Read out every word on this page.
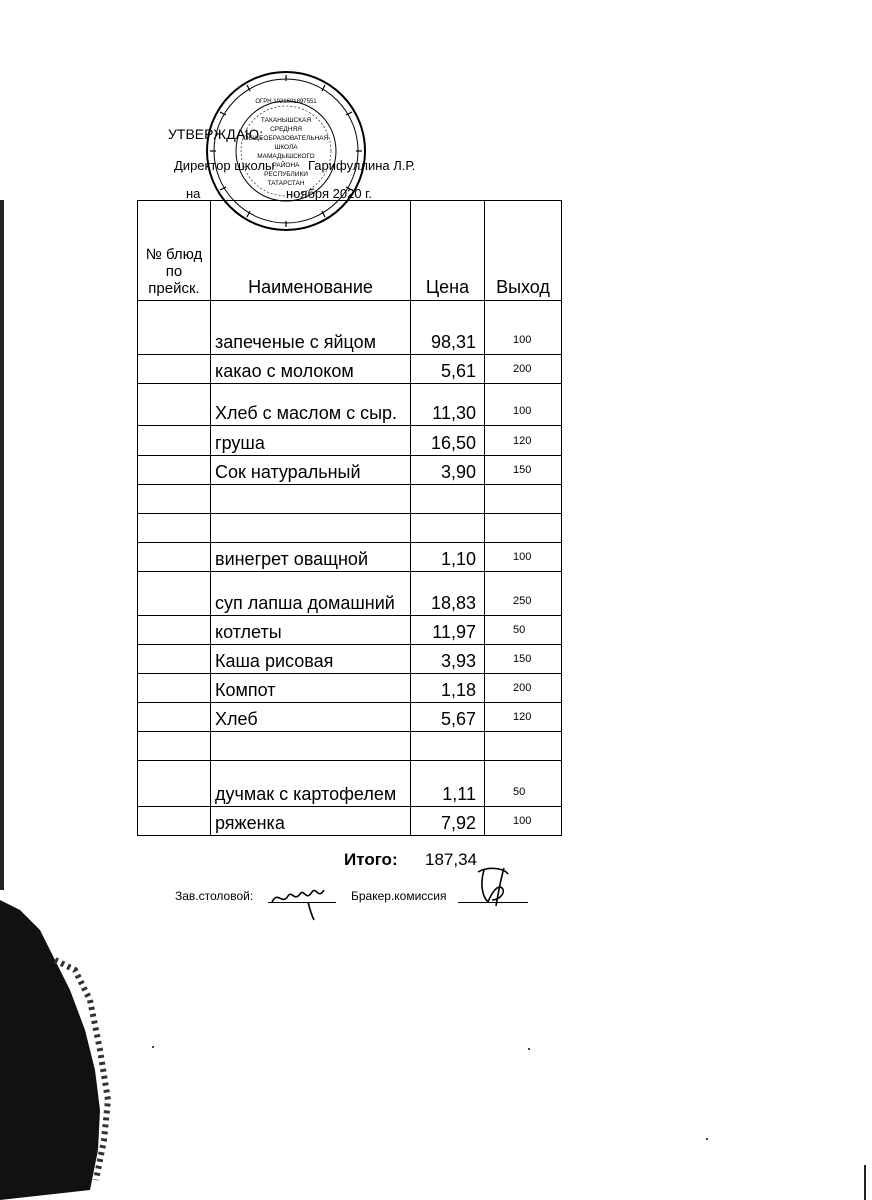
ТАКАНЫШСКАЯ
СРЕДНЯЯ
ОБЩЕОБРАЗОВАТЕЛЬНАЯ
ШКОЛА
МАМАДЫШСКОГО
РАЙОНА
РЕСПУБЛИКИ
ТАТАРСТАН
ОГРН 1021601897551
УТВЕРЖДАЮ:
Директор школы	Гарифуллина Л.Р.
на	ноября 2020 г.
№ блюд по прейск.	Наименование	Цена	Выход
	запеченые с яйцом	98,31	100
	какао с молоком	5,61	200
	Хлеб с маслом с сыр.	11,30	100
	груша	16,50	120
	Сок натуральный	3,90	150

	винегрет оващной	1,10	100
	суп лапша домашний	18,83	250
	котлеты	11,97	50
	Каша рисовая	3,93	150
	Компот	1,18	200
	Хлеб	5,67	120

	дучмак с картофелем	1,11	50
	ряженка	7,92	100
Итого: 187,34
Зав.столовой:	Бракер.комиссия
